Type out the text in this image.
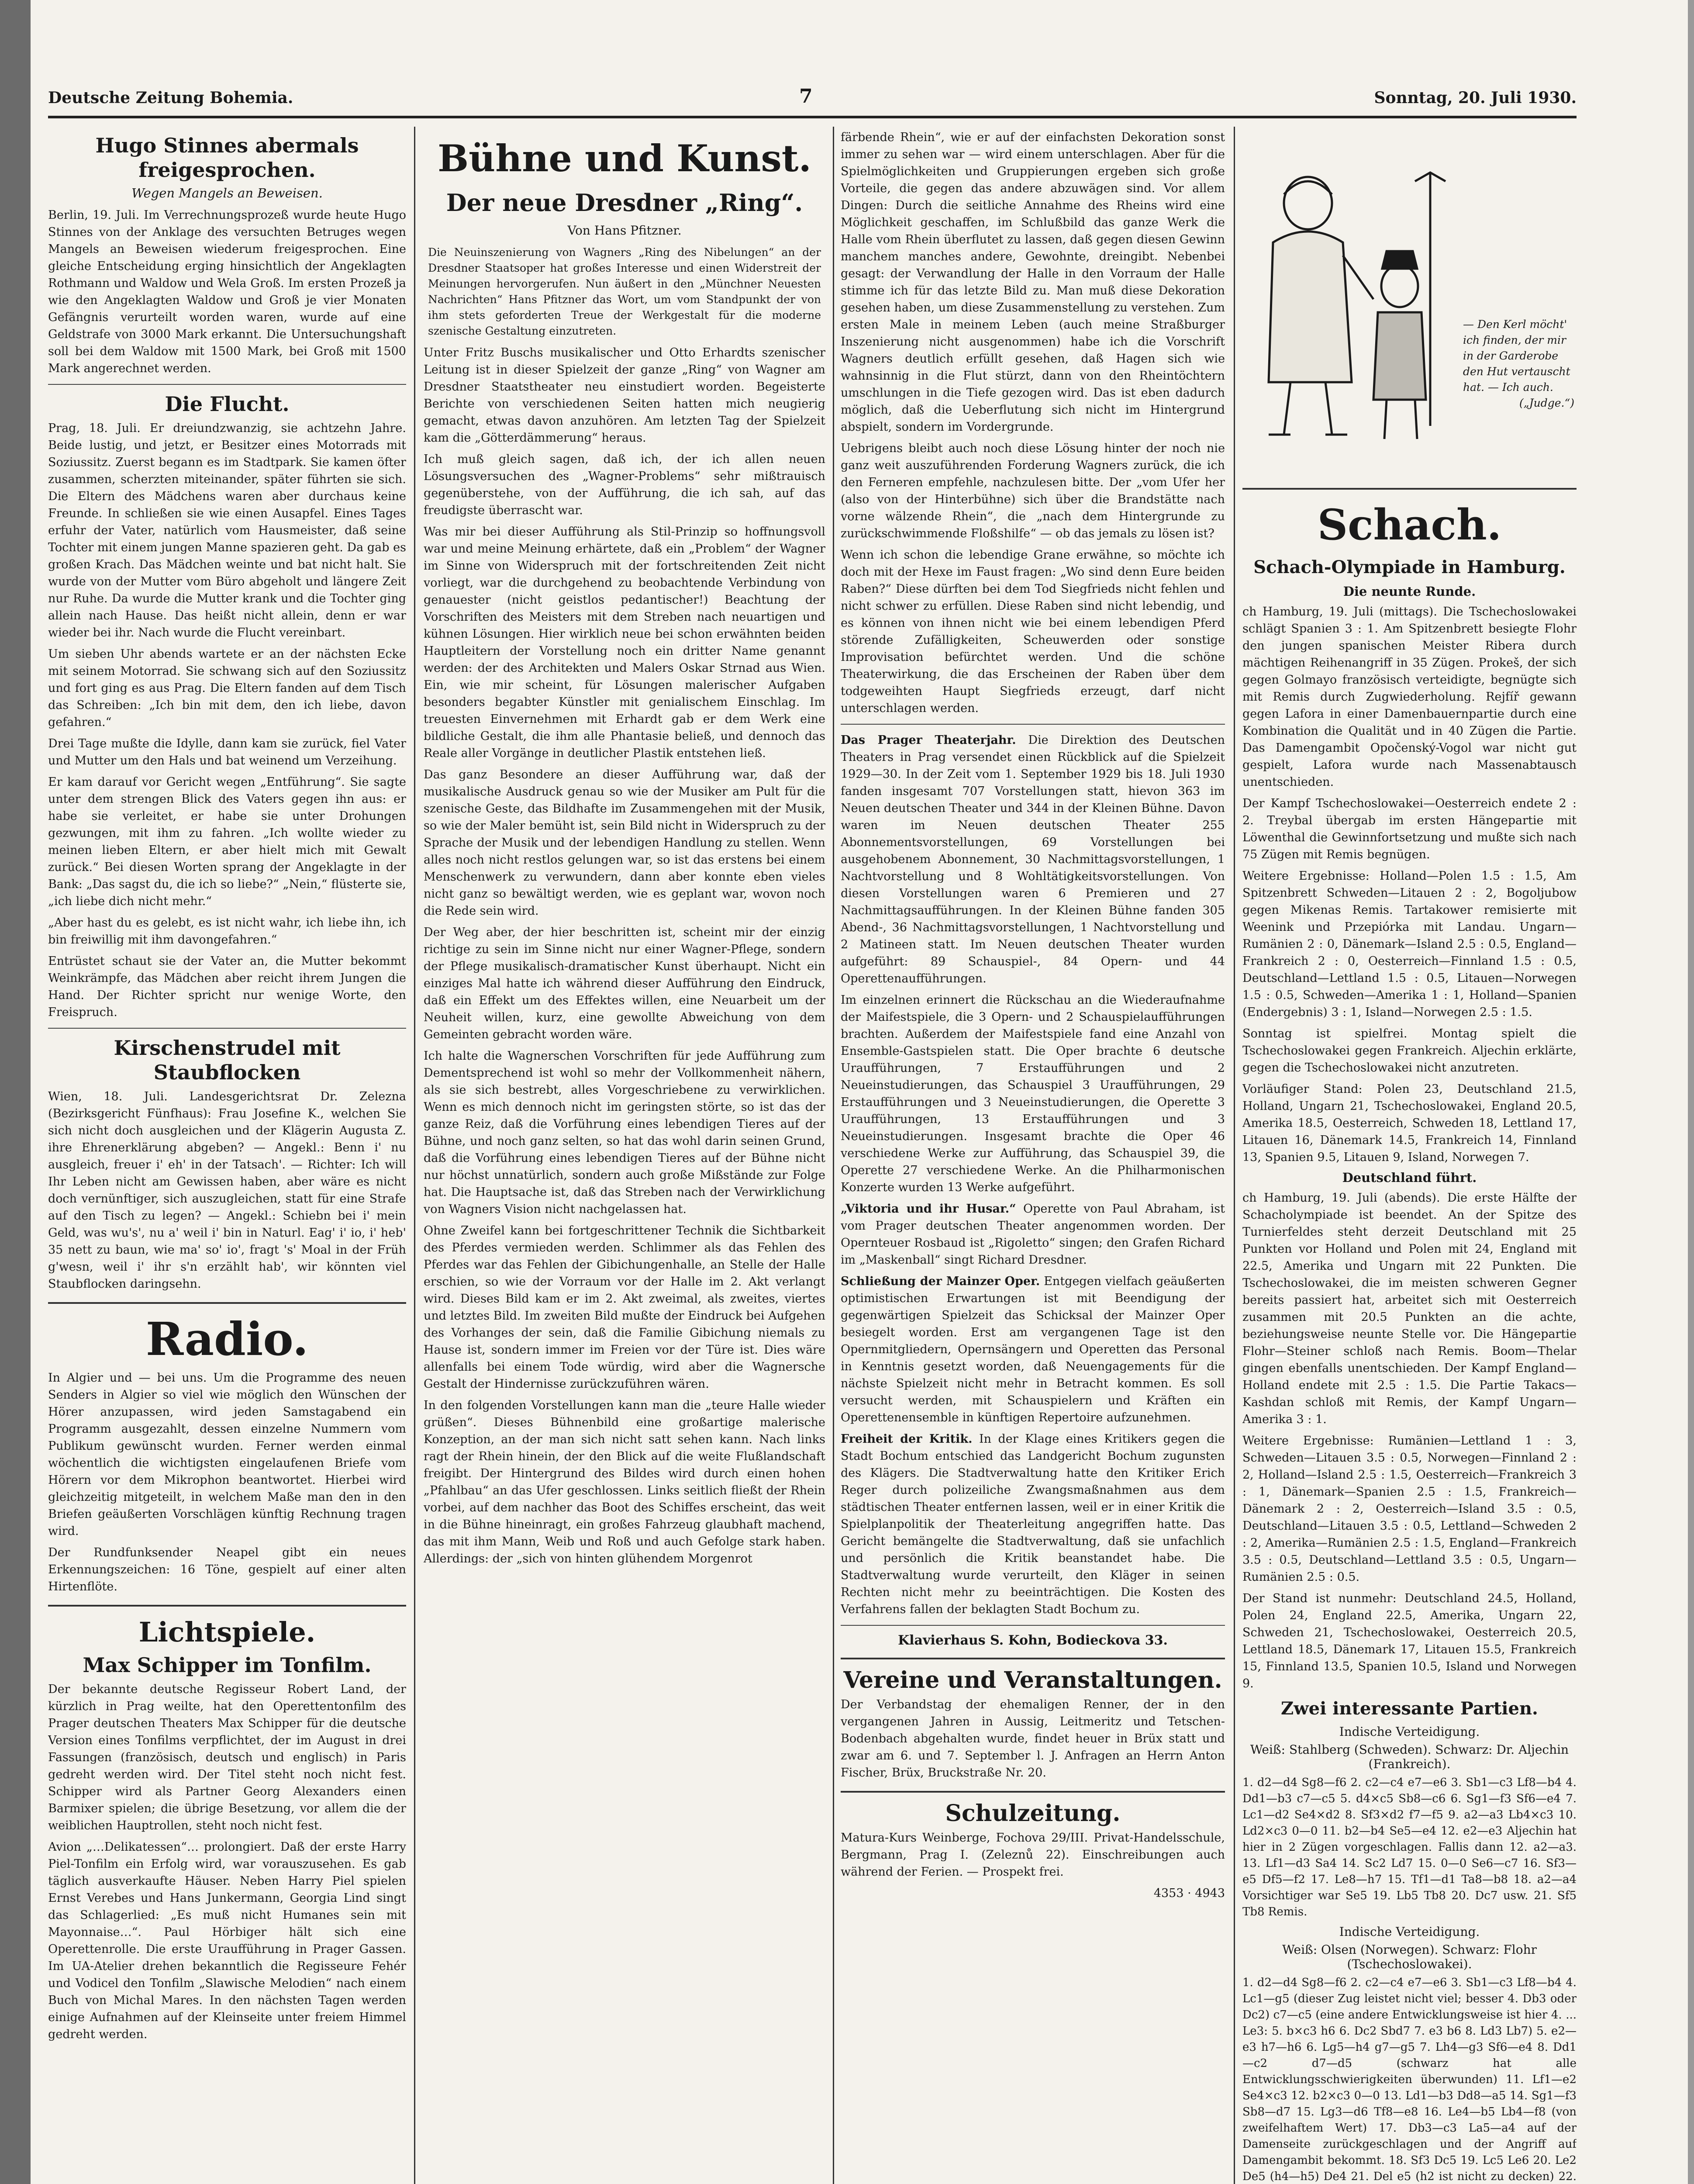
Deutsche Zeitung Bohemia.	7	Sonntag, 20. Juli 1930.
Hugo Stinnes abermals freigesprochen.
Wegen Mangels an Beweisen.

Berlin, 19. Juli. Im Verrechnungsprozeß wurde heute Hugo Stinnes von der Anklage des versuchten Betruges wegen Mangels an Beweisen wiederum freigesprochen. Eine gleiche Entscheidung erging hinsichtlich der Angeklagten Rothmann und Waldow und Wela Groß. Im ersten Prozeß ja wie den Angeklagten Waldow und Groß je vier Monaten Gefängnis verurteilt worden waren, wurde auf eine Geldstrafe von 3000 Mark erkannt. Die Untersuchungshaft soll bei dem Waldow mit 1500 Mark, bei Groß mit 1500 Mark angerechnet werden.

Die Flucht.

Prag, 18. Juli. Er dreiundzwanzig, sie achtzehn Jahre. Beide lustig, und jetzt, er Besitzer eines Motorrads mit Soziussitz. Zuerst begann es im Stadtpark. Sie kamen öfter zusammen, scherzten miteinander, später führten sie sich. Die Eltern des Mädchens waren aber durchaus keine Freunde. In schließen sie wie einen Ausapfel. Eines Tages erfuhr der Vater, natürlich vom Hausmeister, daß seine Tochter mit einem jungen Manne spazieren geht. Da gab es großen Krach. Das Mädchen weinte und bat nicht halt. Sie wurde von der Mutter vom Büro abgeholt und längere Zeit nur Ruhe. Da wurde die Mutter krank und die Tochter ging allein nach Hause. Das heißt nicht allein, denn er war wieder bei ihr. Nach wurde die Flucht vereinbart.

Um sieben Uhr abends wartete er an der nächsten Ecke mit seinem Motorrad. Sie schwang sich auf den Soziussitz und fort ging es aus Prag. Die Eltern fanden auf dem Tisch das Schreiben: „Ich bin mit dem, den ich liebe, davon gefahren.“

Drei Tage mußte die Idylle, dann kam sie zurück, fiel Vater und Mutter um den Hals und bat weinend um Verzeihung.

Er kam darauf vor Gericht wegen „Entführung“. Sie sagte unter dem strengen Blick des Vaters gegen ihn aus: er habe sie verleitet, er habe sie unter Drohungen gezwungen, mit ihm zu fahren. „Ich wollte wieder zu meinen lieben Eltern, er aber hielt mich mit Gewalt zurück.“ Bei diesen Worten sprang der Angeklagte in der Bank: „Das sagst du, die ich so liebe?“ „Nein,“ flüsterte sie, „ich liebe dich nicht mehr.“

„Aber hast du es gelebt, es ist nicht wahr, ich liebe ihn, ich bin freiwillig mit ihm davongefahren.“

Entrüstet schaut sie der Vater an, die Mutter bekommt Weinkrämpfe, das Mädchen aber reicht ihrem Jungen die Hand. Der Richter spricht nur wenige Worte, den Freispruch.

Kirschenstrudel mit Staubflocken

Wien, 18. Juli. Landesgerichtsrat Dr. Zelezna (Bezirksgericht Fünfhaus): Frau Josefine K., welchen Sie sich nicht doch ausgleichen und der Klägerin Augusta Z. ihre Ehrenerklärung abgeben? — Angekl.: Benn i' nu ausgleich, freuer i' eh' in der Tatsach'. — Richter: Ich will Ihr Leben nicht am Gewissen haben, aber wäre es nicht doch vernünftiger, sich auszugleichen, statt für eine Strafe auf den Tisch zu legen? — Angekl.: Schiebn bei i' mein Geld, was wu's', nu a' weil i' bin in Naturl. Eag' i' io, i' heb' 35 nett zu baun, wie ma' so' io', fragt 's' Moal in der Früh g'wesn, weil i' ihr s'n erzählt hab', wir könnten viel Staubflocken daringsehn.

Radio.

In Algier und — bei uns. Um die Programme des neuen Senders in Algier so viel wie möglich den Wünschen der Hörer anzupassen, wird jeden Samstagabend ein Programm ausgezahlt, dessen einzelne Nummern vom Publikum gewünscht wurden. Ferner werden einmal wöchentlich die wichtigsten eingelaufenen Briefe vom Hörern vor dem Mikrophon beantwortet. Hierbei wird gleichzeitig mitgeteilt, in welchem Maße man den in den Briefen geäußerten Vorschlägen künftig Rechnung tragen wird.

Der Rundfunksender Neapel gibt ein neues Erkennungszeichen: 16 Töne, gespielt auf einer alten Hirtenflöte.

Lichtspiele.
Max Schipper im Tonfilm.

Der bekannte deutsche Regisseur Robert Land, der kürzlich in Prag weilte, hat den Operettentonfilm des Prager deutschen Theaters Max Schipper für die deutsche Version eines Tonfilms verpflichtet, der im August in drei Fassungen (französisch, deutsch und englisch) in Paris gedreht werden wird. Der Titel steht noch nicht fest. Schipper wird als Partner Georg Alexanders einen Barmixer spielen; die übrige Besetzung, vor allem die der weiblichen Hauptrollen, steht noch nicht fest.

Avion „…Delikatessen“… prolongiert. Daß der erste Harry Piel-Tonfilm ein Erfolg wird, war vorauszusehen. Es gab täglich ausverkaufte Häuser. Neben Harry Piel spielen Ernst Verebes und Hans Junkermann, Georgia Lind singt das Schlagerlied: „Es muß nicht Humanes sein mit Mayonnaise…“. Paul Hörbiger hält sich eine Operettenrolle. Die erste Uraufführung in Prager Gassen. Im UA-Atelier drehen bekanntlich die Regisseure Fehér und Vodicel den Tonfilm „Slawische Melodien“ nach einem Buch von Michal Mares. In den nächsten Tagen werden einige Aufnahmen auf der Kleinseite unter freiem Himmel gedreht werden.

Bühne und Kunst.
Der neue Dresdner „Ring“.
Von Hans Pfitzner.
Die Neuinszenierung von Wagners „Ring des Nibelungen“ an der Dresdner Staatsoper hat großes Interesse und einen Widerstreit der Meinungen hervorgerufen. Nun äußert in den „Münchner Neuesten Nachrichten“ Hans Pfitzner das Wort, um vom Standpunkt der von ihm stets geforderten Treue der Werkgestalt für die moderne szenische Gestaltung einzutreten.

Unter Fritz Buschs musikalischer und Otto Erhardts szenischer Leitung ist in dieser Spielzeit der ganze „Ring“ von Wagner am Dresdner Staatstheater neu einstudiert worden. Begeisterte Berichte von verschiedenen Seiten hatten mich neugierig gemacht, etwas davon anzuhören. Am letzten Tag der Spielzeit kam die „Götterdämmerung“ heraus.

Ich muß gleich sagen, daß ich, der ich allen neuen Lösungsversuchen des „Wagner-Problems“ sehr mißtrauisch gegenüberstehe, von der Aufführung, die ich sah, auf das freudigste überrascht war.

Was mir bei dieser Aufführung als Stil-Prinzip so hoffnungsvoll war und meine Meinung erhärtete, daß ein „Problem“ der Wagner im Sinne von Widerspruch mit der fortschreitenden Zeit nicht vorliegt, war die durchgehend zu beobachtende Verbindung von genauester (nicht geistlos pedantischer!) Beachtung der Vorschriften des Meisters mit dem Streben nach neuartigen und kühnen Lösungen. Hier wirklich neue bei schon erwähnten beiden Hauptleitern der Vorstellung noch ein dritter Name genannt werden: der des Architekten und Malers Oskar Strnad aus Wien. Ein, wie mir scheint, für Lösungen malerischer Aufgaben besonders begabter Künstler mit genialischem Einschlag. Im treuesten Einvernehmen mit Erhardt gab er dem Werk eine bildliche Gestalt, die ihm alle Phantasie beließ, und dennoch das Reale aller Vorgänge in deutlicher Plastik entstehen ließ.

Das ganz Besondere an dieser Aufführung war, daß der musikalische Ausdruck genau so wie der Musiker am Pult für die szenische Geste, das Bildhafte im Zusammengehen mit der Musik, so wie der Maler bemüht ist, sein Bild nicht in Widerspruch zu der Sprache der Musik und der lebendigen Handlung zu stellen. Wenn alles noch nicht restlos gelungen war, so ist das erstens bei einem Menschenwerk zu verwundern, dann aber konnte eben vieles nicht ganz so bewältigt werden, wie es geplant war, wovon noch die Rede sein wird.

Der Weg aber, der hier beschritten ist, scheint mir der einzig richtige zu sein im Sinne nicht nur einer Wagner-Pflege, sondern der Pflege musikalisch-dramatischer Kunst überhaupt. Nicht ein einziges Mal hatte ich während dieser Aufführung den Eindruck, daß ein Effekt um des Effektes willen, eine Neuarbeit um der Neuheit willen, kurz, eine gewollte Abweichung von dem Gemeinten gebracht worden wäre.

Ich halte die Wagnerschen Vorschriften für jede Aufführung zum Dementsprechend ist wohl so mehr der Vollkommenheit nähern, als sie sich bestrebt, alles Vorgeschriebene zu verwirklichen. Wenn es mich dennoch nicht im geringsten störte, so ist das der ganze Reiz, daß die Vorführung eines lebendigen Tieres auf der Bühne, und noch ganz selten, so hat das wohl darin seinen Grund, daß die Vorführung eines lebendigen Tieres auf der Bühne nicht nur höchst unnatürlich, sondern auch große Mißstände zur Folge hat. Die Hauptsache ist, daß das Streben nach der Verwirklichung von Wagners Vision nicht nachgelassen hat.

Ohne Zweifel kann bei fortgeschrittener Technik die Sichtbarkeit des Pferdes vermieden werden. Schlimmer als das Fehlen des Pferdes war das Fehlen der Gibichungenhalle, an Stelle der Halle erschien, so wie der Vorraum vor der Halle im 2. Akt verlangt wird. Dieses Bild kam er im 2. Akt zweimal, als zweites, viertes und letztes Bild. Im zweiten Bild mußte der Eindruck bei Aufgehen des Vorhanges der sein, daß die Familie Gibichung niemals zu Hause ist, sondern immer im Freien vor der Türe ist. Dies wäre allenfalls bei einem Tode würdig, wird aber die Wagnersche Gestalt der Hindernisse zurückzuführen wären.

In den folgenden Vorstellungen kann man die „teure Halle wieder grüßen“. Dieses Bühnenbild eine großartige malerische Konzeption, an der man sich nicht satt sehen kann. Nach links ragt der Rhein hinein, der den Blick auf die weite Flußlandschaft freigibt. Der Hintergrund des Bildes wird durch einen hohen „Pfahlbau“ an das Ufer geschlossen. Links seitlich fließt der Rhein vorbei, auf dem nachher das Boot des Schiffes erscheint, das weit in die Bühne hineinragt, ein großes Fahrzeug glaubhaft machend, das mit ihm Mann, Weib und Roß und auch Gefolge stark haben. Allerdings: der „sich von hinten glühendem Morgenrot

färbende Rhein“, wie er auf der einfachsten Dekoration sonst immer zu sehen war — wird einem unterschlagen. Aber für die Spielmöglichkeiten und Gruppierungen ergeben sich große Vorteile, die gegen das andere abzuwägen sind. Vor allem Dingen: Durch die seitliche Annahme des Rheins wird eine Möglichkeit geschaffen, im Schlußbild das ganze Werk die Halle vom Rhein überflutet zu lassen, daß gegen diesen Gewinn manchem manches andere, Gewohnte, dreingibt. Nebenbei gesagt: der Verwandlung der Halle in den Vorraum der Halle stimme ich für das letzte Bild zu. Man muß diese Dekoration gesehen haben, um diese Zusammenstellung zu verstehen. Zum ersten Male in meinem Leben (auch meine Straßburger Inszenierung nicht ausgenommen) habe ich die Vorschrift Wagners deutlich erfüllt gesehen, daß Hagen sich wie wahnsinnig in die Flut stürzt, dann von den Rheintöchtern umschlungen in die Tiefe gezogen wird. Das ist eben dadurch möglich, daß die Ueberflutung sich nicht im Hintergrund abspielt, sondern im Vordergrunde.

Uebrigens bleibt auch noch diese Lösung hinter der noch nie ganz weit auszuführenden Forderung Wagners zurück, die ich den Ferneren empfehle, nachzulesen bitte. Der „vom Ufer her (also von der Hinterbühne) sich über die Brandstätte nach vorne wälzende Rhein“, die „nach dem Hintergrunde zu zurückschwimmende Floßshilfe“ — ob das jemals zu lösen ist?

Wenn ich schon die lebendige Grane erwähne, so möchte ich doch mit der Hexe im Faust fragen: „Wo sind denn Eure beiden Raben?“ Diese dürften bei dem Tod Siegfrieds nicht fehlen und nicht schwer zu erfüllen. Diese Raben sind nicht lebendig, und es können von ihnen nicht wie bei einem lebendigen Pferd störende Zufälligkeiten, Scheuwerden oder sonstige Improvisation befürchtet werden. Und die schöne Theaterwirkung, die das Erscheinen der Raben über dem todgeweihten Haupt Siegfrieds erzeugt, darf nicht unterschlagen werden.

Das Prager Theaterjahr. Die Direktion des Deutschen Theaters in Prag versendet einen Rückblick auf die Spielzeit 1929—30. In der Zeit vom 1. September 1929 bis 18. Juli 1930 fanden insgesamt 707 Vorstellungen statt, hievon 363 im Neuen deutschen Theater und 344 in der Kleinen Bühne. Davon waren im Neuen deutschen Theater 255 Abonnementsvorstellungen, 69 Vorstellungen bei ausgehobenem Abonnement, 30 Nachmittagsvorstellungen, 1 Nachtvorstellung und 8 Wohltätigkeitsvorstellungen. Von diesen Vorstellungen waren 6 Premieren und 27 Nachmittagsaufführungen. In der Kleinen Bühne fanden 305 Abend-, 36 Nachmittagsvorstellungen, 1 Nachtvorstellung und 2 Matineen statt. Im Neuen deutschen Theater wurden aufgeführt: 89 Schauspiel-, 84 Opern- und 44 Operettenaufführungen.

Im einzelnen erinnert die Rückschau an die Wiederaufnahme der Maifestspiele, die 3 Opern- und 2 Schauspielaufführungen brachten. Außerdem der Maifestspiele fand eine Anzahl von Ensemble-Gastspielen statt. Die Oper brachte 6 deutsche Uraufführungen, 7 Erstaufführungen und 2 Neueinstudierungen, das Schauspiel 3 Uraufführungen, 29 Erstaufführungen und 3 Neueinstudierungen, die Operette 3 Uraufführungen, 13 Erstaufführungen und 3 Neueinstudierungen. Insgesamt brachte die Oper 46 verschiedene Werke zur Aufführung, das Schauspiel 39, die Operette 27 verschiedene Werke. An die Philharmonischen Konzerte wurden 13 Werke aufgeführt.

„Viktoria und ihr Husar.“ Operette von Paul Abraham, ist vom Prager deutschen Theater angenommen worden. Der Opernteuer Rosbaud ist „Rigoletto“ singen; den Grafen Richard im „Maskenball“ singt Richard Dresdner.

Schließung der Mainzer Oper. Entgegen vielfach geäußerten optimistischen Erwartungen ist mit Beendigung der gegenwärtigen Spielzeit das Schicksal der Mainzer Oper besiegelt worden. Erst am vergangenen Tage ist den Opernmitgliedern, Opernsängern und Operetten das Personal in Kenntnis gesetzt worden, daß Neuengagements für die nächste Spielzeit nicht mehr in Betracht kommen. Es soll versucht werden, mit Schauspielern und Kräften ein Operettenensemble in künftigen Repertoire aufzunehmen.

Freiheit der Kritik. In der Klage eines Kritikers gegen die Stadt Bochum entschied das Landgericht Bochum zugunsten des Klägers. Die Stadtverwaltung hatte den Kritiker Erich Reger durch polizeiliche Zwangsmaßnahmen aus dem städtischen Theater entfernen lassen, weil er in einer Kritik die Spielplanpolitik der Theaterleitung angegriffen hatte. Das Gericht bemängelte die Stadtverwaltung, daß sie unfachlich und persönlich die Kritik beanstandet habe. Die Stadtverwaltung wurde verurteilt, den Kläger in seinen Rechten nicht mehr zu beeinträchtigen. Die Kosten des Verfahrens fallen der beklagten Stadt Bochum zu.

Klavierhaus S. Kohn, Bodieckova 33.
Vereine und Veranstaltungen.

Der Verbandstag der ehemaligen Renner, der in den vergangenen Jahren in Aussig, Leitmeritz und Tetschen-Bodenbach abgehalten wurde, findet heuer in Brüx statt und zwar am 6. und 7. September l. J. Anfragen an Herrn Anton Fischer, Brüx, Bruckstraße Nr. 20.

Schulzeitung.

Matura-Kurs Weinberge, Fochova 29/III. Privat-Handelsschule, Bergmann, Prag I. (Zeleznů 22). Einschreibungen auch während der Ferien. — Prospekt frei.

4353 · 4943

— Den Kerl möcht' ich finden, der mir in der Garderobe den Hut vertauscht hat. — Ich auch.

(„Judge.“)
Schach.
Schach-Olympiade in Hamburg.
Die neunte Runde.

ch Hamburg, 19. Juli (mittags). Die Tschechoslowakei schlägt Spanien 3 : 1. Am Spitzenbrett besiegte Flohr den jungen spanischen Meister Ribera durch mächtigen Reihenangriff in 35 Zügen. Prokeš, der sich gegen Golmayo französisch verteidigte, begnügte sich mit Remis durch Zugwiederholung. Rejfíř gewann gegen Lafora in einer Damenbauernpartie durch eine Kombination die Qualität und in 40 Zügen die Partie. Das Damengambit Opočenský-Vogol war nicht gut gespielt, Lafora wurde nach Massenabtausch unentschieden.

Der Kampf Tschechoslowakei—Oesterreich endete 2 : 2. Treybal übergab im ersten Hängepartie mit Löwenthal die Gewinnfortsetzung und mußte sich nach 75 Zügen mit Remis begnügen.

Weitere Ergebnisse: Holland—Polen 1.5 : 1.5, Am Spitzenbrett Schweden—Litauen 2 : 2, Bogoljubow gegen Mikenas Remis. Tartakower remisierte mit Weenink und Przepiórka mit Landau. Ungarn—Rumänien 2 : 0, Dänemark—Island 2.5 : 0.5, England—Frankreich 2 : 0, Oesterreich—Finnland 1.5 : 0.5, Deutschland—Lettland 1.5 : 0.5, Litauen—Norwegen 1.5 : 0.5, Schweden—Amerika 1 : 1, Holland—Spanien (Endergebnis) 3 : 1, Island—Norwegen 2.5 : 1.5.

Sonntag ist spielfrei. Montag spielt die Tschechoslowakei gegen Frankreich. Aljechin erklärte, gegen die Tschechoslowakei nicht anzutreten.

Vorläufiger Stand: Polen 23, Deutschland 21.5, Holland, Ungarn 21, Tschechoslowakei, England 20.5, Amerika 18.5, Oesterreich, Schweden 18, Lettland 17, Litauen 16, Dänemark 14.5, Frankreich 14, Finnland 13, Spanien 9.5, Litauen 9, Island, Norwegen 7.

Deutschland führt.

ch Hamburg, 19. Juli (abends). Die erste Hälfte der Schacholympiade ist beendet. An der Spitze des Turnierfeldes steht derzeit Deutschland mit 25 Punkten vor Holland und Polen mit 24, England mit 22.5, Amerika und Ungarn mit 22 Punkten. Die Tschechoslowakei, die im meisten schweren Gegner bereits passiert hat, arbeitet sich mit Oesterreich zusammen mit 20.5 Punkten an die achte, beziehungsweise neunte Stelle vor. Die Hängepartie Flohr—Steiner schloß nach Remis. Boom—Thelar gingen ebenfalls unentschieden. Der Kampf England—Holland endete mit 2.5 : 1.5. Die Partie Takacs—Kashdan schloß mit Remis, der Kampf Ungarn—Amerika 3 : 1.

Weitere Ergebnisse: Rumänien—Lettland 1 : 3, Schweden—Litauen 3.5 : 0.5, Norwegen—Finnland 2 : 2, Holland—Island 2.5 : 1.5, Oesterreich—Frankreich 3 : 1, Dänemark—Spanien 2.5 : 1.5, Frankreich—Dänemark 2 : 2, Oesterreich—Island 3.5 : 0.5, Deutschland—Litauen 3.5 : 0.5, Lettland—Schweden 2 : 2, Amerika—Rumänien 2.5 : 1.5, England—Frankreich 3.5 : 0.5, Deutschland—Lettland 3.5 : 0.5, Ungarn—Rumänien 2.5 : 0.5.

Der Stand ist nunmehr: Deutschland 24.5, Holland, Polen 24, England 22.5, Amerika, Ungarn 22, Schweden 21, Tschechoslowakei, Oesterreich 20.5, Lettland 18.5, Dänemark 17, Litauen 15.5, Frankreich 15, Finnland 13.5, Spanien 10.5, Island und Norwegen 9.

Zwei interessante Partien.
Indische Verteidigung.
Weiß: Stahlberg (Schweden). Schwarz: Dr. Aljechin (Frankreich).

1. d2—d4 Sg8—f6 2. c2—c4 e7—e6 3. Sb1—c3 Lf8—b4 4. Dd1—b3 c7—c5 5. d4×c5 Sb8—c6 6. Sg1—f3 Sf6—e4 7. Lc1—d2 Se4×d2 8. Sf3×d2 f7—f5 9. a2—a3 Lb4×c3 10. Ld2×c3 0—0 11. b2—b4 Se5—e4 12. e2—e3 Aljechin hat hier in 2 Zügen vorgeschlagen. Fallis dann 12. a2—a3. 13. Lf1—d3 Sa4 14. Sc2 Ld7 15. 0—0 Se6—c7 16. Sf3—e5 Df5—f2 17. Le8—h7 15. Tf1—d1 Ta8—b8 18. a2—a4 Vorsichtiger war Se5 19. Lb5 Tb8 20. Dc7 usw. 21. Sf5 Tb8 Remis.

Indische Verteidigung.
Weiß: Olsen (Norwegen). Schwarz: Flohr (Tschechoslowakei).

1. d2—d4 Sg8—f6 2. c2—c4 e7—e6 3. Sb1—c3 Lf8—b4 4. Lc1—g5 (dieser Zug leistet nicht viel; besser 4. Db3 oder Dc2) c7—c5 (eine andere Entwicklungsweise ist hier 4. ... Le3: 5. b×c3 h6 6. Dc2 Sbd7 7. e3 b6 8. Ld3 Lb7) 5. e2—e3 h7—h6 6. Lg5—h4 g7—g5 7. Lh4—g3 Sf6—e4 8. Dd1—c2 d7—d5 (schwarz hat alle Entwicklungsschwierigkeiten überwunden) 11. Lf1—e2 Se4×c3 12. b2×c3 0—0 13. Ld1—b3 Dd8—a5 14. Sg1—f3 Sb8—d7 15. Lg3—d6 Tf8—e8 16. Le4—b5 Lb4—f8 (von zweifelhaftem Wert) 17. Db3—c3 La5—a4 auf der Damenseite zurückgeschlagen und der Angriff auf Damengambit bekommt. 18. Sf3 Dc5 19. Lc5 Le6 20. Le2 De5 (h4—h5) De4 21. Del e5 (h2 ist nicht zu decken) 22.
